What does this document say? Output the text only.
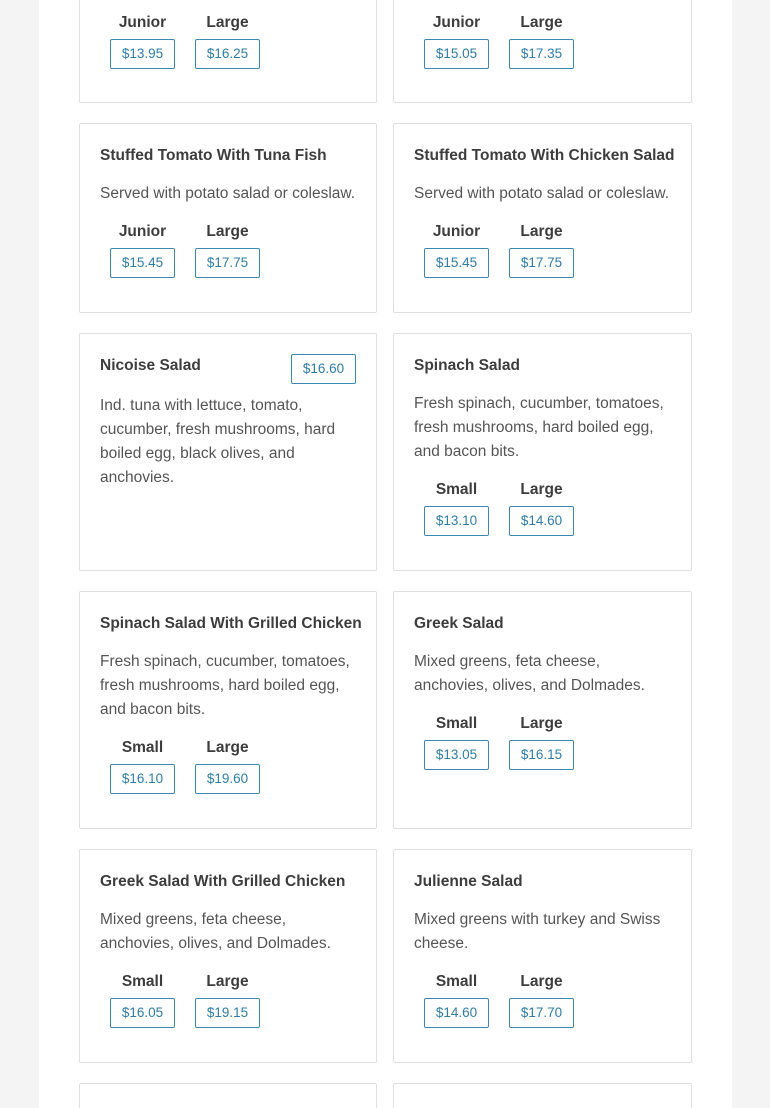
Junior
$13.95
Large
$16.25
Junior
$15.05
Large
$17.35
Stuffed Tomato With Tuna Fish
Served with potato salad or coleslaw.
Junior
$15.45
Large
$17.75
Stuffed Tomato With Chicken Salad
Served with potato salad or coleslaw.
Junior
$15.45
Large
$17.75
Nicoise Salad	$16.60
Ind. tuna with lettuce, tomato, cucumber, fresh mushrooms, hard boiled egg, black olives, and anchovies.
Spinach Salad
Fresh spinach, cucumber, tomatoes, fresh mushrooms, hard boiled egg, and bacon bits.
Small
$13.10
Large
$14.60
Spinach Salad With Grilled Chicken
Fresh spinach, cucumber, tomatoes, fresh mushrooms, hard boiled egg, and bacon bits.
Small
$16.10
Large
$19.60
Greek Salad
Mixed greens, feta cheese, anchovies, olives, and Dolmades.
Small
$13.05
Large
$16.15
Greek Salad With Grilled Chicken
Mixed greens, feta cheese, anchovies, olives, and Dolmades.
Small
$16.05
Large
$19.15
Julienne Salad
Mixed greens with turkey and Swiss cheese.
Small
$14.60
Large
$17.70
